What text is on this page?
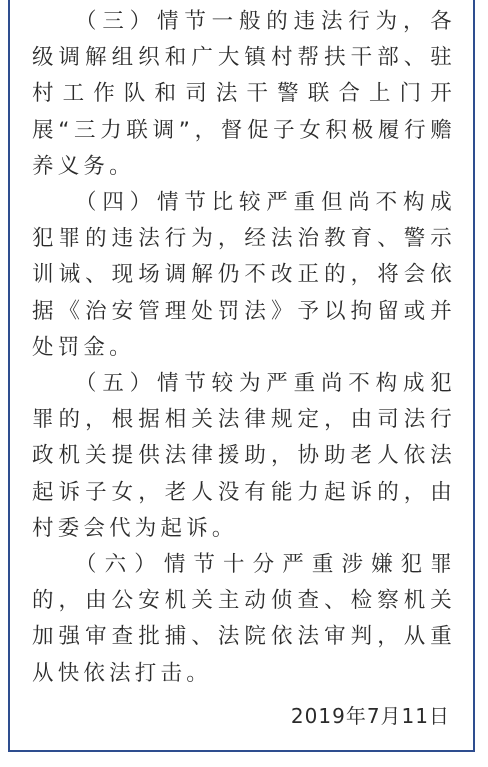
（三）情节一般的违法行为，各级调解组织和广大镇村帮扶干部、驻村工作队和司法干警联合上门开展“三力联调”，督促子女积极履行赡养义务。

（四）情节比较严重但尚不构成犯罪的违法行为，经法治教育、警示训诫、现场调解仍不改正的，将会依据《治安管理处罚法》予以拘留或并处罚金。

（五）情节较为严重尚不构成犯罪的，根据相关法律规定，由司法行政机关提供法律援助，协助老人依法起诉子女，老人没有能力起诉的，由村委会代为起诉。

（六）情节十分严重涉嫌犯罪的，由公安机关主动侦查、检察机关加强审查批捕、法院依法审判，从重从快依法打击。

2019年7月11日
